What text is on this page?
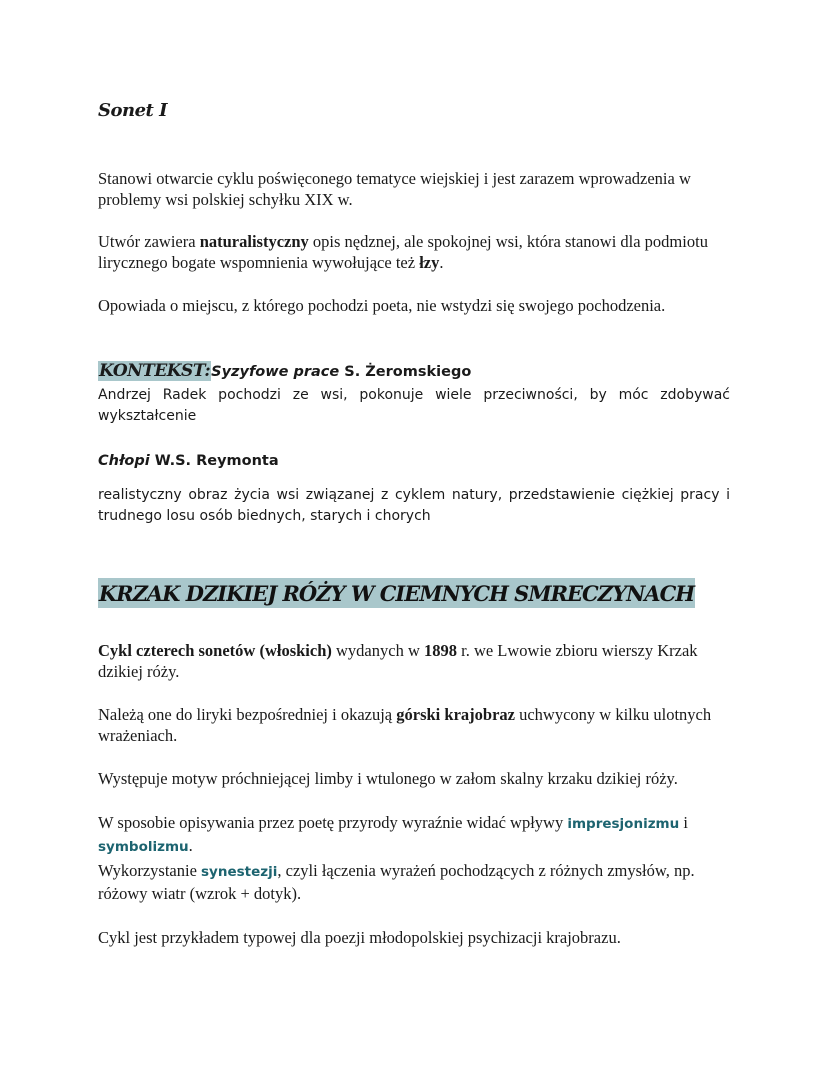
Sonet I
Stanowi otwarcie cyklu poświęconego tematyce wiejskiej i jest zarazem wprowadzenia w problemy wsi polskiej schyłku XIX w.
Utwór zawiera naturalistyczny opis nędznej, ale spokojnej wsi, która stanowi dla podmiotu lirycznego bogate wspomnienia wywołujące też łzy.
Opowiada o miejscu, z którego pochodzi poeta, nie wstydzi się swojego pochodzenia.
KONTEKST:Syzyfowe prace S. Żeromskiego
Andrzej Radek pochodzi ze wsi, pokonuje wiele przeciwności, by móc zdobywać wykształcenie
Chłopi W.S. Reymonta
realistyczny obraz życia wsi związanej z cyklem natury, przedstawienie ciężkiej pracy i trudnego losu osób biednych, starych i chorych
KRZAK DZIKIEJ RÓŻY W CIEMNYCH SMRECZYNACH
Cykl czterech sonetów (włoskich) wydanych w 1898 r. we Lwowie zbioru wierszy Krzak dzikiej róży.
Należą one do liryki bezpośredniej i okazują górski krajobraz uchwycony w kilku ulotnych wrażeniach.
Występuje motyw próchniejącej limby i wtulonego w załom skalny krzaku dzikiej róży.
W sposobie opisywania przez poetę przyrody wyraźnie widać wpływy impresjonizmu i symbolizmu.
Wykorzystanie synestezji, czyli łączenia wyrażeń pochodzących z różnych zmysłów, np. różowy wiatr (wzrok + dotyk).
Cykl jest przykładem typowej dla poezji młodopolskiej psychizacji krajobrazu.
